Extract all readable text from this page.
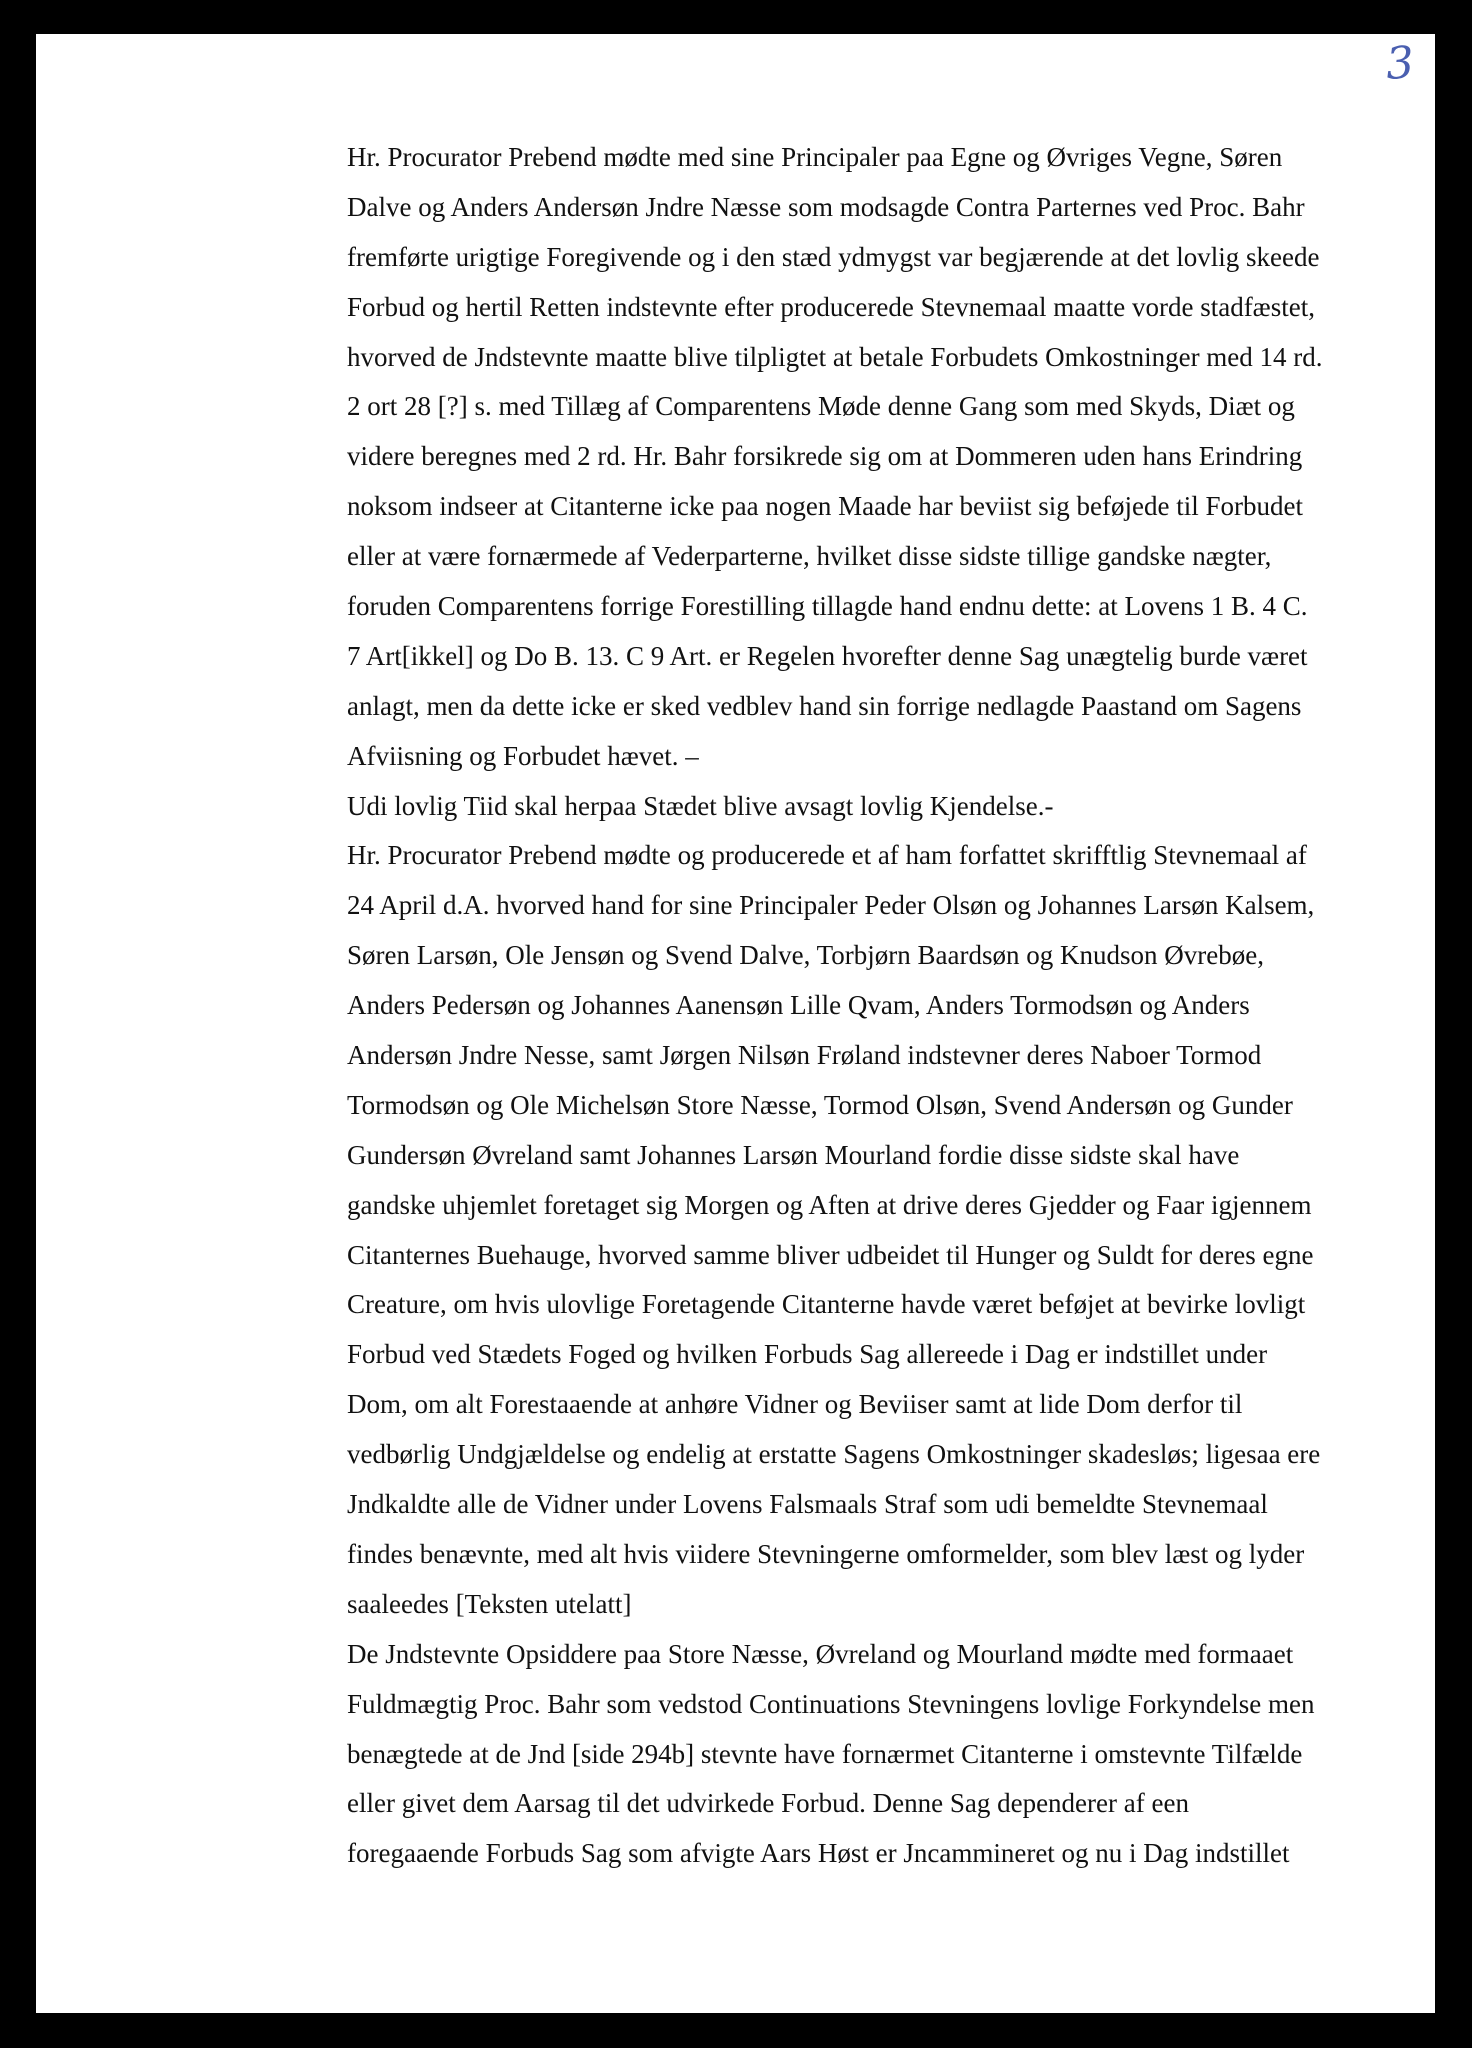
3
Hr. Procurator Prebend mødte med sine Principaler paa Egne og Øvriges Vegne, Søren
Dalve og Anders Andersøn Jndre Næsse som modsagde Contra Parternes ved Proc. Bahr
fremførte urigtige Foregivende og i den stæd ydmygst var begjærende at det lovlig skeede
Forbud og hertil Retten indstevnte efter producerede Stevnemaal maatte vorde stadfæstet,
hvorved de Jndstevnte maatte blive tilpligtet at betale Forbudets Omkostninger med 14 rd.
2 ort 28 [?] s. med Tillæg af Comparentens Møde denne Gang som med Skyds, Diæt og
videre beregnes med 2 rd. Hr. Bahr forsikrede sig om at Dommeren uden hans Erindring
noksom indseer at Citanterne icke paa nogen Maade har beviist sig beføjede til Forbudet
eller at være fornærmede af Vederparterne, hvilket disse sidste tillige gandske nægter,
foruden Comparentens forrige Forestilling tillagde hand endnu dette: at Lovens 1 B. 4 C.
7 Art[ikkel] og Do B. 13. C 9 Art. er Regelen hvorefter denne Sag unægtelig burde været
anlagt, men da dette icke er sked vedblev hand sin forrige nedlagde Paastand om Sagens
Afviisning og Forbudet hævet. –
Udi lovlig Tiid skal herpaa Stædet blive avsagt lovlig Kjendelse.-
Hr. Procurator Prebend mødte og producerede et af ham forfattet skrifftlig Stevnemaal af
24 April d.A. hvorved hand for sine Principaler Peder Olsøn og Johannes Larsøn Kalsem,
Søren Larsøn, Ole Jensøn og Svend Dalve, Torbjørn Baardsøn og Knudson Øvrebøe,
Anders Pedersøn og Johannes Aanensøn Lille Qvam, Anders Tormodsøn og Anders
Andersøn Jndre Nesse, samt Jørgen Nilsøn Frøland indstevner deres Naboer Tormod
Tormodsøn og Ole Michelsøn Store Næsse, Tormod Olsøn, Svend Andersøn og Gunder
Gundersøn Øvreland samt Johannes Larsøn Mourland fordie disse sidste skal have
gandske uhjemlet foretaget sig Morgen og Aften at drive deres Gjedder og Faar igjennem
Citanternes Buehauge, hvorved samme bliver udbeidet til Hunger og Suldt for deres egne
Creature, om hvis ulovlige Foretagende Citanterne havde været beføjet at bevirke lovligt
Forbud ved Stædets Foged og hvilken Forbuds Sag allereede i Dag er indstillet under
Dom, om alt Forestaaende at anhøre Vidner og Beviiser samt at lide Dom derfor til
vedbørlig Undgjældelse og endelig at erstatte Sagens Omkostninger skadesløs; ligesaa ere
Jndkaldte alle de Vidner under Lovens Falsmaals Straf som udi bemeldte Stevnemaal
findes benævnte, med alt hvis viidere Stevningerne omformelder, som blev læst og lyder
saaleedes [Teksten utelatt]
De Jndstevnte Opsiddere paa Store Næsse, Øvreland og Mourland mødte med formaaet
Fuldmægtig Proc. Bahr som vedstod Continuations Stevningens lovlige Forkyndelse men
benægtede at de Jnd [side 294b] stevnte have fornærmet Citanterne i omstevnte Tilfælde
eller givet dem Aarsag til det udvirkede Forbud. Denne Sag dependerer af een
foregaaende Forbuds Sag som afvigte Aars Høst er Jncammineret og nu i Dag indstillet
